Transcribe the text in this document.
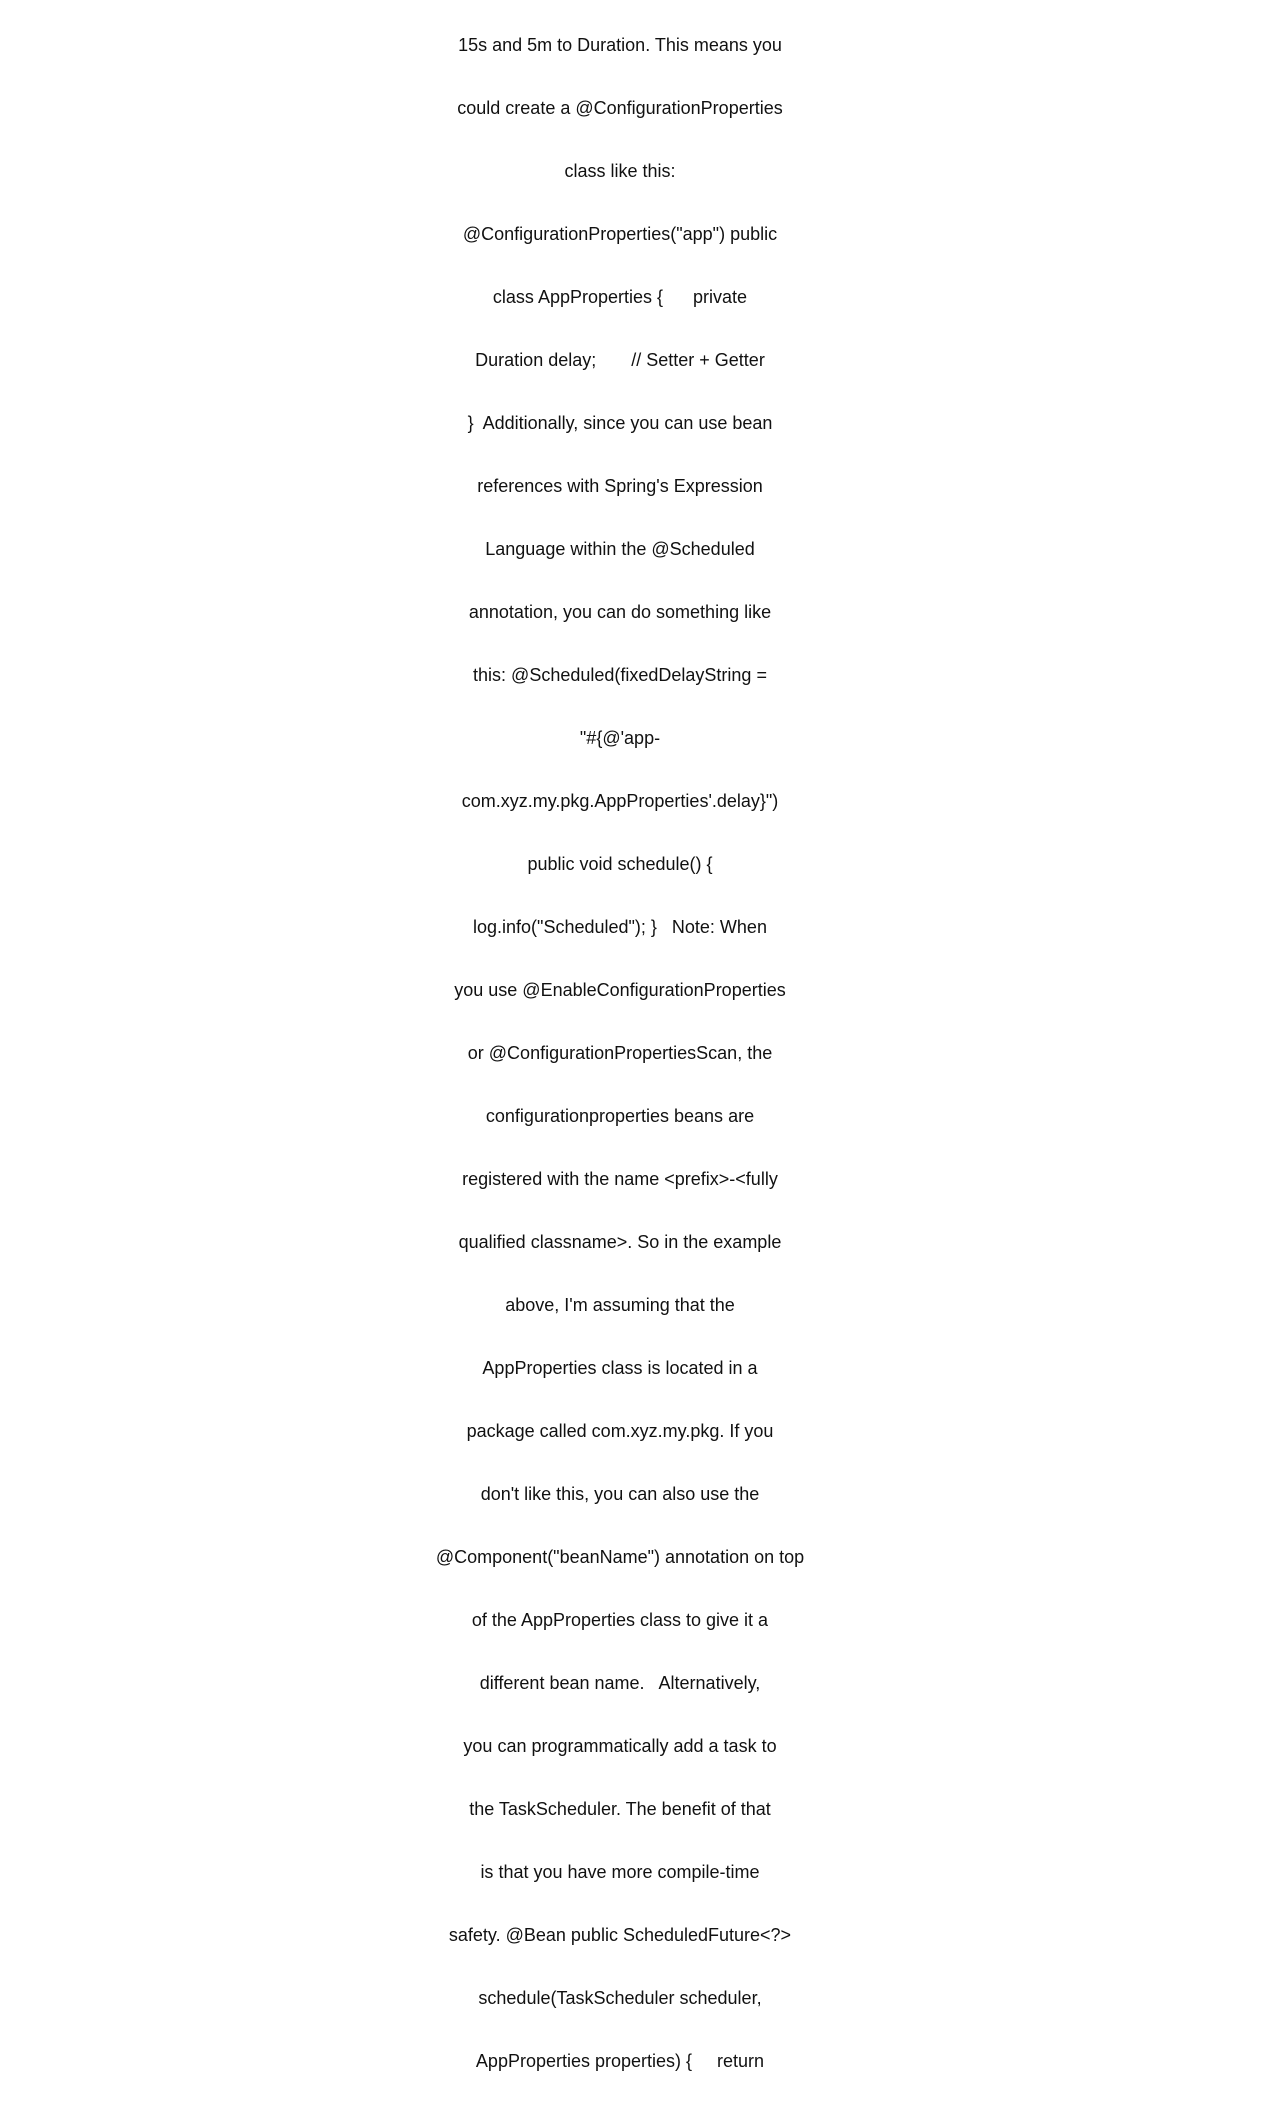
15s and 5m to Duration. This means you

could create a @ConfigurationProperties

class like this:

@ConfigurationProperties("app") public

class AppProperties {      private

Duration delay;       // Setter + Getter

}  Additionally, since you can use bean

references with Spring's Expression

Language within the @Scheduled

annotation, you can do something like

this: @Scheduled(fixedDelayString =

"#{@'app-

com.xyz.my.pkg.AppProperties'.delay}")

public void schedule() {

log.info("Scheduled"); }   Note: When

you use @EnableConfigurationProperties

or @ConfigurationPropertiesScan, the

configurationproperties beans are

registered with the name <prefix>-<fully

qualified classname>. So in the example

above, I'm assuming that the

AppProperties class is located in a

package called com.xyz.my.pkg. If you

don't like this, you can also use the

@Component("beanName") annotation on top

of the AppProperties class to give it a

different bean name.   Alternatively,

you can programmatically add a task to

the TaskScheduler. The benefit of that

is that you have more compile-time

safety. @Bean public ScheduledFuture<?>

schedule(TaskScheduler scheduler,

AppProperties properties) {     return
